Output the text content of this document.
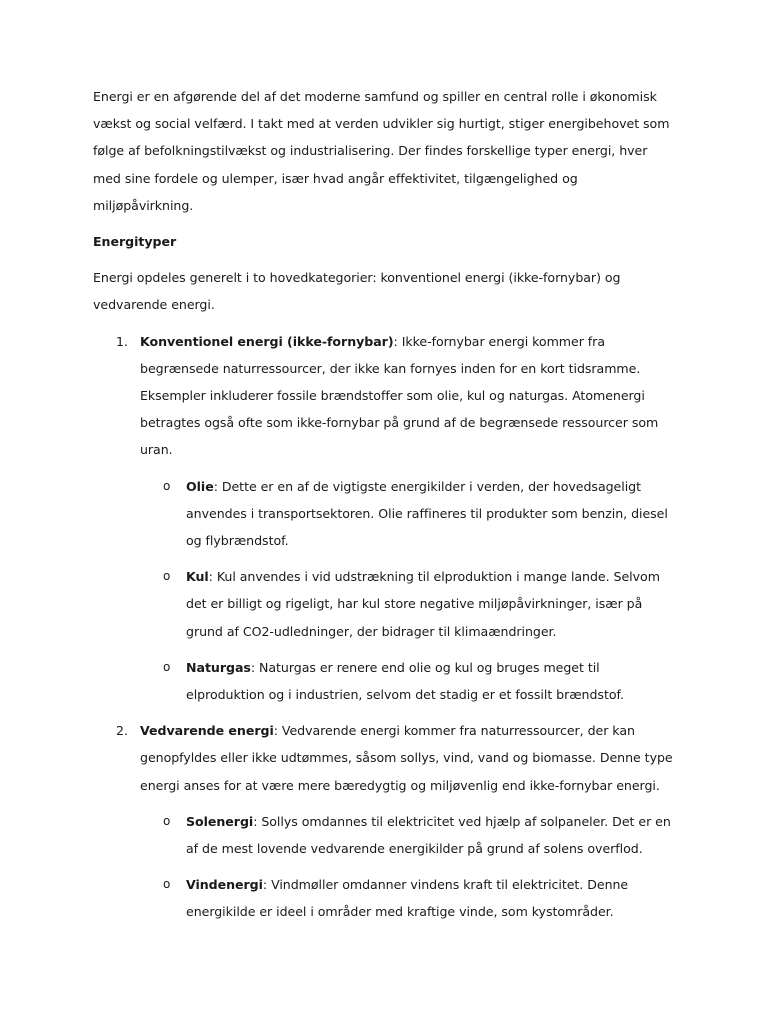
Energi er en afgørende del af det moderne samfund og spiller en central rolle i økonomisk vækst og social velfærd. I takt med at verden udvikler sig hurtigt, stiger energibehovet som følge af befolkningstilvækst og industrialisering. Der findes forskellige typer energi, hver med sine fordele og ulemper, især hvad angår effektivitet, tilgængelighed og miljøpåvirkning.

Energityper

Energi opdeles generelt i to hovedkategorier: konventionel energi (ikke-fornybar) og vedvarende energi.

1. Konventionel energi (ikke-fornybar): Ikke-fornybar energi kommer fra begrænsede naturressourcer, der ikke kan fornyes inden for en kort tidsramme. Eksempler inkluderer fossile brændstoffer som olie, kul og naturgas. Atomenergi betragtes også ofte som ikke-fornybar på grund af de begrænsede ressourcer som uran.
o Olie: Dette er en af de vigtigste energikilder i verden, der hovedsageligt anvendes i transportsektoren. Olie raffineres til produkter som benzin, diesel og flybrændstof.
o Kul: Kul anvendes i vid udstrækning til elproduktion i mange lande. Selvom det er billigt og rigeligt, har kul store negative miljøpåvirkninger, især på grund af CO2-udledninger, der bidrager til klimaændringer.
o Naturgas: Naturgas er renere end olie og kul og bruges meget til elproduktion og i industrien, selvom det stadig er et fossilt brændstof.
2. Vedvarende energi: Vedvarende energi kommer fra naturressourcer, der kan genopfyldes eller ikke udtømmes, såsom sollys, vind, vand og biomasse. Denne type energi anses for at være mere bæredygtig og miljøvenlig end ikke-fornybar energi.
o Solenergi: Sollys omdannes til elektricitet ved hjælp af solpaneler. Det er en af de mest lovende vedvarende energikilder på grund af solens overflod.
o Vindenergi: Vindmøller omdanner vindens kraft til elektricitet. Denne energikilde er ideel i områder med kraftige vinde, som kystområder.
